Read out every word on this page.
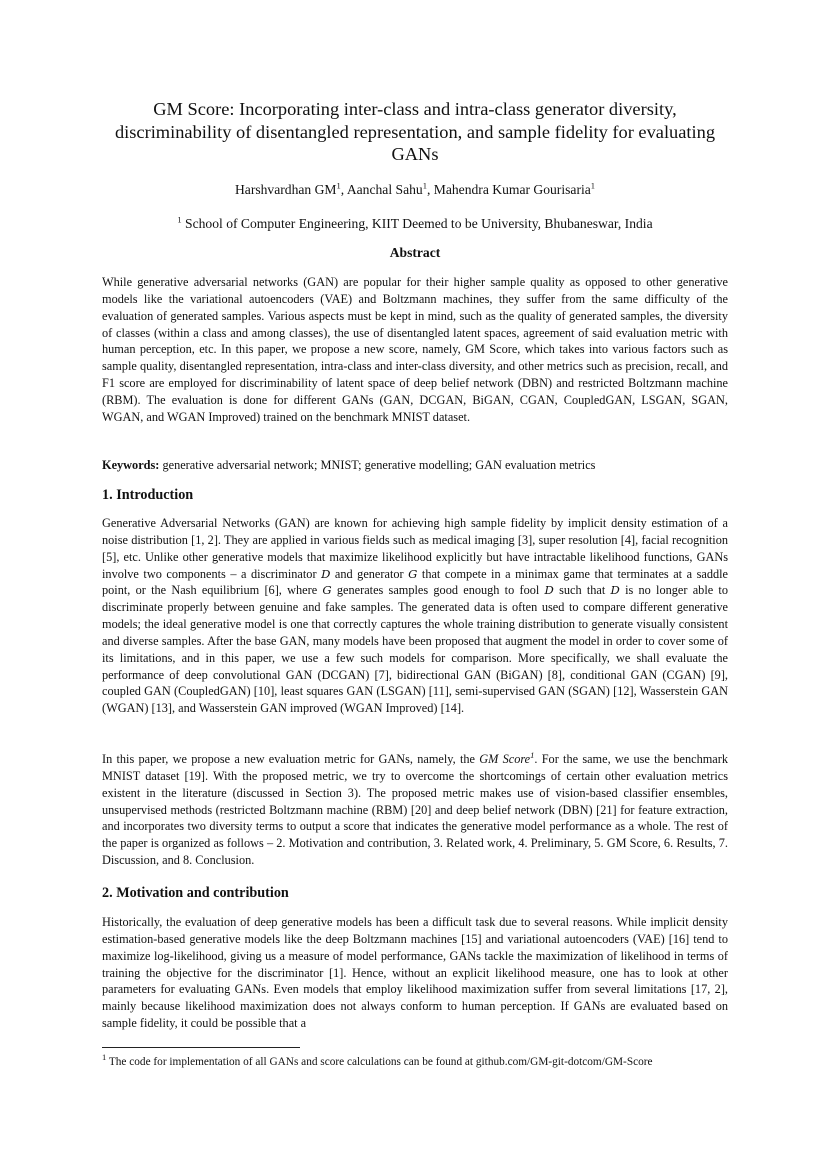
GM Score: Incorporating inter-class and intra-class generator diversity, discriminability of disentangled representation, and sample fidelity for evaluating GANs
Harshvardhan $GM^1$, Aanchal Sahu$^1$, Mahendra Kumar Gourisaria$^1$
$^1$ School of Computer Engineering, KIIT Deemed to be University, Bhubaneswar, India
Abstract

While generative adversarial networks (GAN) are popular for their higher sample quality as opposed to other generative models like the variational autoencoders (VAE) and Boltzmann machines, they suffer from the same difficulty of the evaluation of generated samples. Various aspects must be kept in mind, such as the quality of generated samples, the diversity of classes (within a class and among classes), the use of disentangled latent spaces, agreement of said evaluation metric with human perception, etc. In this paper, we propose a new score, namely, GM Score, which takes into various factors such as sample quality, disentangled representation, intra-class and inter-class diversity, and other metrics such as precision, recall, and F1 score are employed for discriminability of latent space of deep belief network (DBN) and restricted Boltzmann machine (RBM). The evaluation is done for different GANs (GAN, DCGAN, BiGAN, CGAN, CoupledGAN, LSGAN, SGAN, WGAN, and WGAN Improved) trained on the benchmark MNIST dataset.

Keywords: generative adversarial network; MNIST; generative modelling; GAN evaluation metrics

1. Introduction

Generative Adversarial Networks (GAN) are known for achieving high sample fidelity by implicit density estimation of a noise distribution [1, 2]. They are applied in various fields such as medical imaging [3], super resolution [4], facial recognition [5], etc. Unlike other generative models that maximize likelihood explicitly but have intractable likelihood functions, GANs involve two components – a discriminator D and generator G that compete in a minimax game that terminates at a saddle point, or the Nash equilibrium [6], where G generates samples good enough to fool D such that D is no longer able to discriminate properly between genuine and fake samples. The generated data is often used to compare different generative models; the ideal generative model is one that correctly captures the whole training distribution to generate visually consistent and diverse samples. After the base GAN, many models have been proposed that augment the model in order to cover some of its limitations, and in this paper, we use a few such models for comparison. More specifically, we shall evaluate the performance of deep convolutional GAN (DCGAN) [7], bidirectional GAN (BiGAN) [8], conditional GAN (CGAN) [9], coupled GAN (CoupledGAN) [10], least squares GAN (LSGAN) [11], semi-supervised GAN (SGAN) [12], Wasserstein GAN (WGAN) [13], and Wasserstein GAN improved (WGAN Improved) [14].

In this paper, we propose a new evaluation metric for GANs, namely, the GM Score$^1$. For the same, we use the benchmark MNIST dataset [19]. With the proposed metric, we try to overcome the shortcomings of certain other evaluation metrics existent in the literature (discussed in Section 3). The proposed metric makes use of vision-based classifier ensembles, unsupervised methods (restricted Boltzmann machine (RBM) [20] and deep belief network (DBN) [21] for feature extraction, and incorporates two diversity terms to output a score that indicates the generative model performance as a whole. The rest of the paper is organized as follows – 2. Motivation and contribution, 3. Related work, 4. Preliminary, 5. GM Score, 6. Results, 7. Discussion, and 8. Conclusion.

2. Motivation and contribution

Historically, the evaluation of deep generative models has been a difficult task due to several reasons. While implicit density estimation-based generative models like the deep Boltzmann machines [15] and variational autoencoders (VAE) [16] tend to maximize log-likelihood, giving us a measure of model performance, GANs tackle the maximization of likelihood in terms of training the objective for the discriminator [1]. Hence, without an explicit likelihood measure, one has to look at other parameters for evaluating GANs. Even models that employ likelihood maximization suffer from several limitations [17, 2], mainly because likelihood maximization does not always conform to human perception. If GANs are evaluated based on sample fidelity, it could be possible that a

$^1$ The code for implementation of all GANs and score calculations can be found at github.com/GM-git-dotcom/GM-Score
